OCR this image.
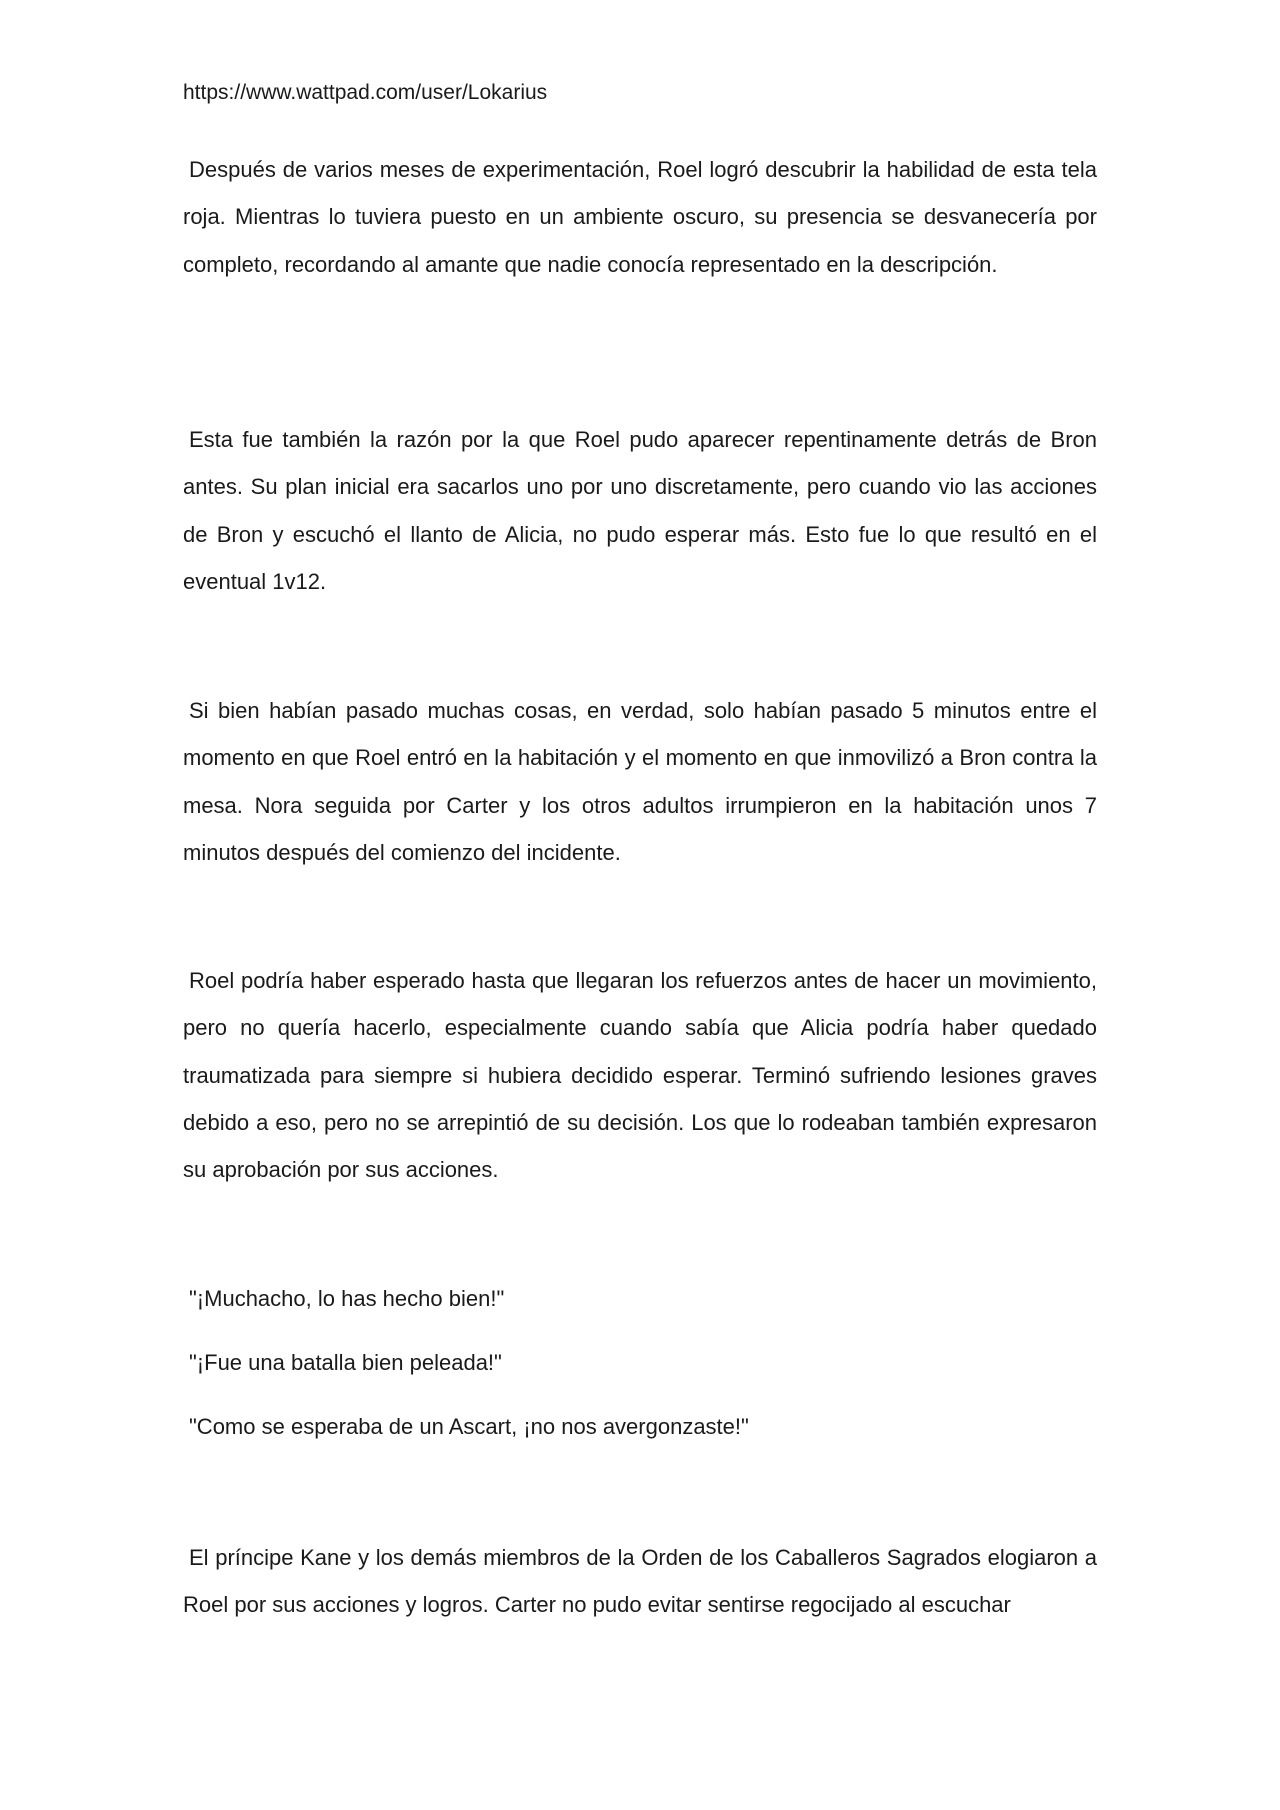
https://www.wattpad.com/user/Lokarius

Después de varios meses de experimentación, Roel logró descubrir la habilidad de esta tela roja. Mientras lo tuviera puesto en un ambiente oscuro, su presencia se desvanecería por completo, recordando al amante que nadie conocía representado en la descripción.

Esta fue también la razón por la que Roel pudo aparecer repentinamente detrás de Bron antes. Su plan inicial era sacarlos uno por uno discretamente, pero cuando vio las acciones de Bron y escuchó el llanto de Alicia, no pudo esperar más. Esto fue lo que resultó en el eventual 1v12.

Si bien habían pasado muchas cosas, en verdad, solo habían pasado 5 minutos entre el momento en que Roel entró en la habitación y el momento en que inmovilizó a Bron contra la mesa. Nora seguida por Carter y los otros adultos irrumpieron en la habitación unos 7 minutos después del comienzo del incidente.

Roel podría haber esperado hasta que llegaran los refuerzos antes de hacer un movimiento, pero no quería hacerlo, especialmente cuando sabía que Alicia podría haber quedado traumatizada para siempre si hubiera decidido esperar. Terminó sufriendo lesiones graves debido a eso, pero no se arrepintió de su decisión. Los que lo rodeaban también expresaron su aprobación por sus acciones.

"¡Muchacho, lo has hecho bien!"

"¡Fue una batalla bien peleada!"

"Como se esperaba de un Ascart, ¡no nos avergonzaste!"

El príncipe Kane y los demás miembros de la Orden de los Caballeros Sagrados elogiaron a Roel por sus acciones y logros. Carter no pudo evitar sentirse regocijado al escuchar
